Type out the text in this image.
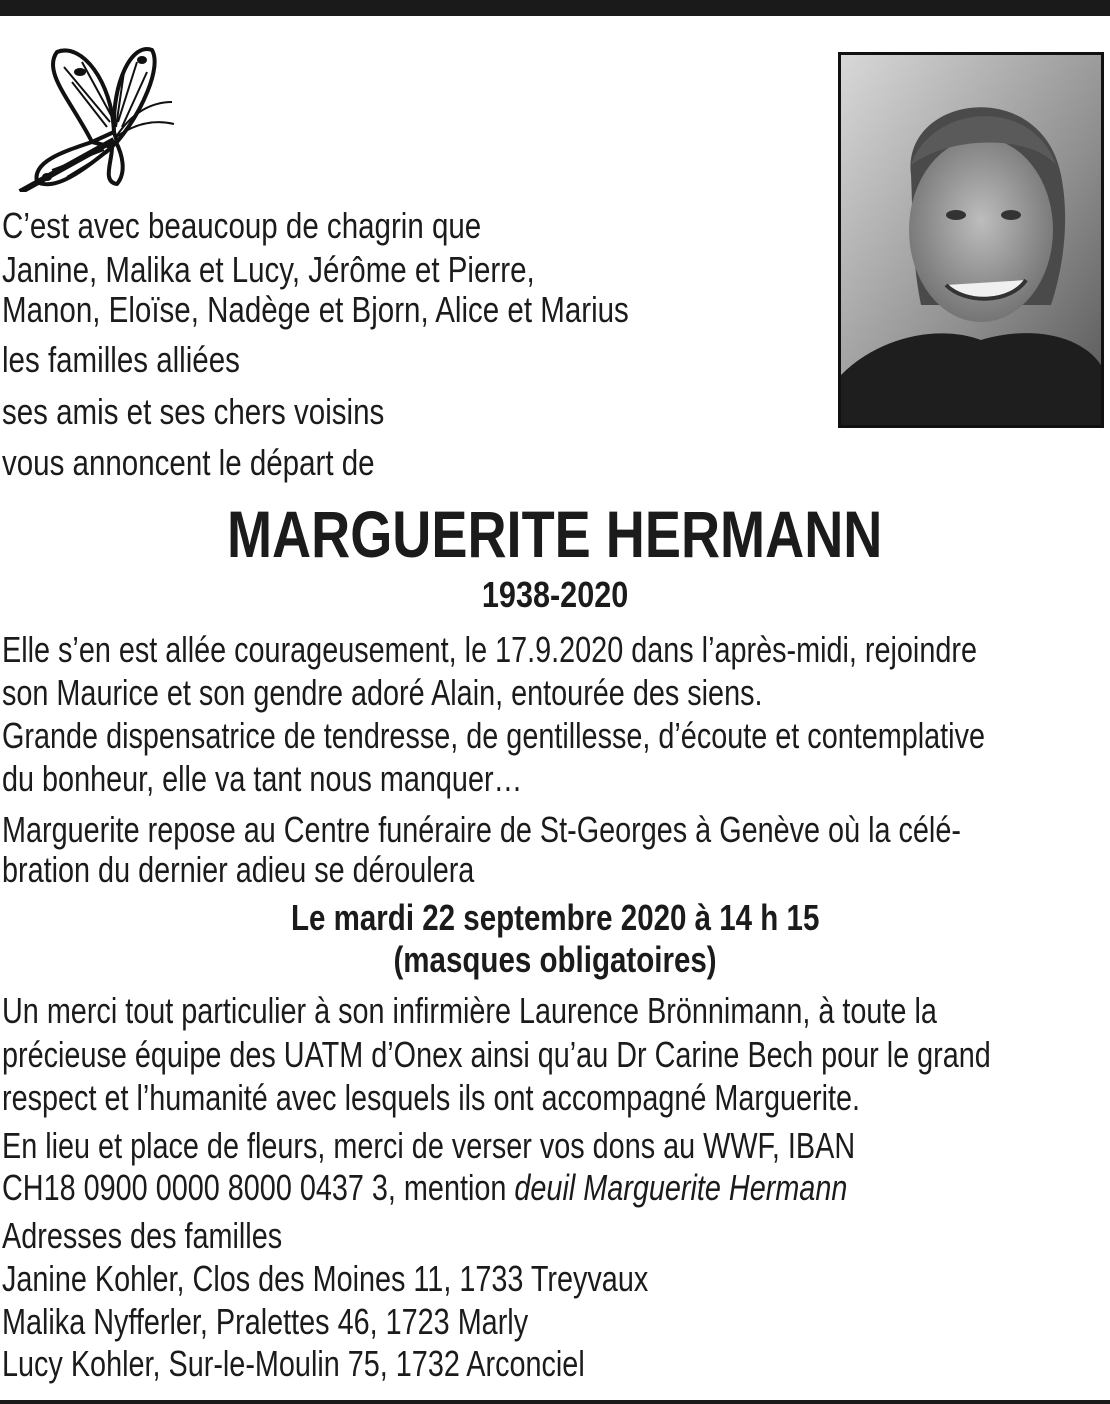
C’est avec beaucoup de chagrin que
Janine, Malika et Lucy, Jérôme et Pierre,
Manon, Eloïse, Nadège et Bjorn, Alice et Marius
les familles alliées
ses amis et ses chers voisins
vous annoncent le départ de
MARGUERITE HERMANN
1938-2020
Elle s’en est allée courageusement, le 17.9.2020 dans l’après-midi, rejoindre
son Maurice et son gendre adoré Alain, entourée des siens.
Grande dispensatrice de tendresse, de gentillesse, d’écoute et contemplative
du bonheur, elle va tant nous manquer…
Marguerite repose au Centre funéraire de St-Georges à Genève où la célé-
bration du dernier adieu se déroulera
Le mardi 22 septembre 2020 à 14 h 15
(masques obligatoires)
Un merci tout particulier à son infirmière Laurence Brönnimann, à toute la
précieuse équipe des UATM d’Onex ainsi qu’au Dr Carine Bech pour le grand
respect et l’humanité avec lesquels ils ont accompagné Marguerite.
En lieu et place de fleurs, merci de verser vos dons au WWF, IBAN
CH18 0900 0000 8000 0437 3, mention deuil Marguerite Hermann
Adresses des familles
Janine Kohler, Clos des Moines 11, 1733 Treyvaux
Malika Nyfferler, Pralettes 46, 1723 Marly
Lucy Kohler, Sur-le-Moulin 75, 1732 Arconciel
